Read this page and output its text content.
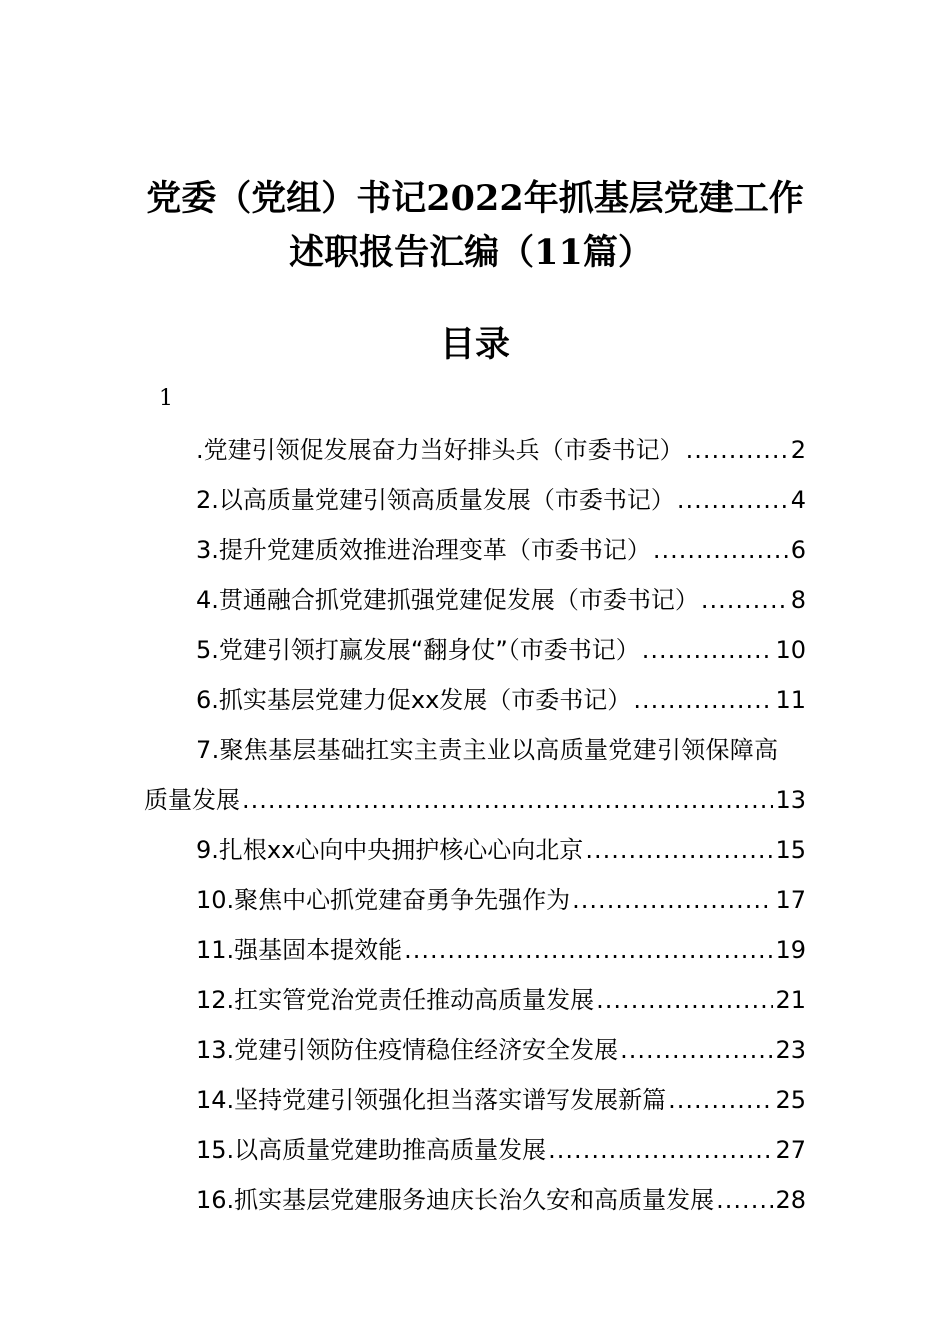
党委（党组）书记2022年抓基层党建工作
述职报告汇编（11篇）
目录
1
.党建引领促发展奋力当好排头兵（市委书记） .....	2
2.以高质量党建引领高质量发展（市委书记） .....	4
3.提升党建质效推进治理变革（市委书记） .....	6
4.贯通融合抓党建抓强党建促发展（市委书记） .....	8
5.党建引领打赢发展“翻身仗”（市委书记） .....	10
6.抓实基层党建力促xx发展（市委书记） .....	11
7.聚焦基层基础扛实主责主业以高质量党建引领保障高
质量发展 .....	13
9.扎根xx心向中央拥护核心心向北京 .....	15
10.聚焦中心抓党建奋勇争先强作为 .....	17
11.强基固本提效能 .....	19
12.扛实管党治党责任推动高质量发展 .....	21
13.党建引领防住疫情稳住经济安全发展 .....	23
14.坚持党建引领强化担当落实谱写发展新篇 .....	25
15.以高质量党建助推高质量发展 .....	27
16.抓实基层党建服务迪庆长治久安和高质量发展 .....	28
